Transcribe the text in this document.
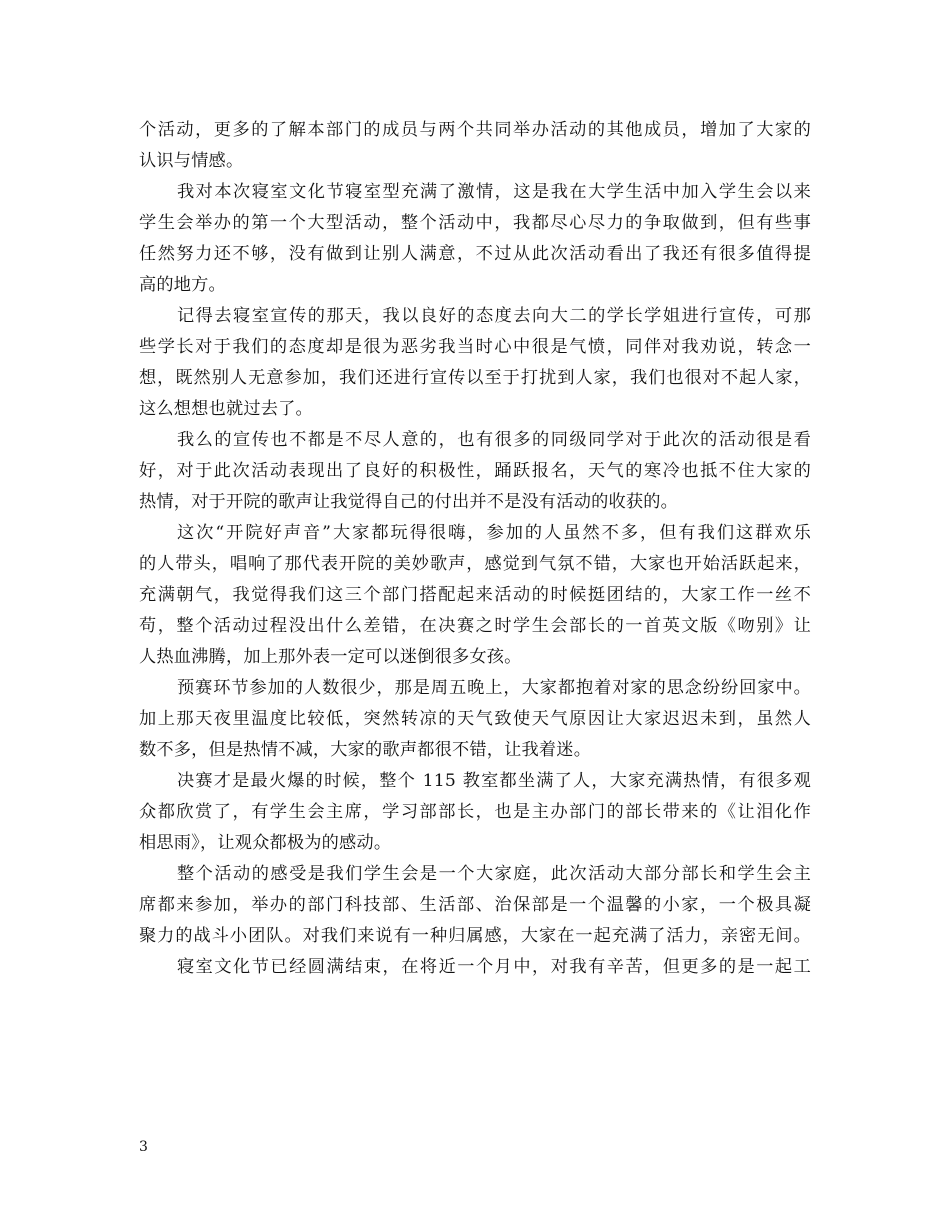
个活动，更多的了解本部门的成员与两个共同举办活动的其他成员，增加了大家的
认识与情感。
我对本次寝室文化节寝室型充满了激情，这是我在大学生活中加入学生会以来
学生会举办的第一个大型活动，整个活动中，我都尽心尽力的争取做到，但有些事
任然努力还不够，没有做到让别人满意，不过从此次活动看出了我还有很多值得提
高的地方。
记得去寝室宣传的那天，我以良好的态度去向大二的学长学姐进行宣传，可那
些学长对于我们的态度却是很为恶劣我当时心中很是气愤，同伴对我劝说，转念一
想，既然别人无意参加，我们还进行宣传以至于打扰到人家，我们也很对不起人家，
这么想想也就过去了。
我么的宣传也不都是不尽人意的，也有很多的同级同学对于此次的活动很是看
好，对于此次活动表现出了良好的积极性，踊跃报名，天气的寒冷也抵不住大家的
热情，对于开院的歌声让我觉得自己的付出并不是没有活动的收获的。
这次“开院好声音”大家都玩得很嗨，参加的人虽然不多，但有我们这群欢乐
的人带头，唱响了那代表开院的美妙歌声，感觉到气氛不错，大家也开始活跃起来，
充满朝气，我觉得我们这三个部门搭配起来活动的时候挺团结的，大家工作一丝不
苟，整个活动过程没出什么差错，在决赛之时学生会部长的一首英文版《吻别》让
人热血沸腾，加上那外表一定可以迷倒很多女孩。
预赛环节参加的人数很少，那是周五晚上，大家都抱着对家的思念纷纷回家中。
加上那天夜里温度比较低，突然转凉的天气致使天气原因让大家迟迟未到，虽然人
数不多，但是热情不减，大家的歌声都很不错，让我着迷。
决赛才是最火爆的时候，整个 115 教室都坐满了人，大家充满热情，有很多观
众都欣赏了，有学生会主席，学习部部长，也是主办部门的部长带来的《让泪化作
相思雨》，让观众都极为的感动。
整个活动的感受是我们学生会是一个大家庭，此次活动大部分部长和学生会主
席都来参加，举办的部门科技部、生活部、治保部是一个温馨的小家，一个极具凝
聚力的战斗小团队。对我们来说有一种归属感，大家在一起充满了活力，亲密无间。
寝室文化节已经圆满结束，在将近一个月中，对我有辛苦，但更多的是一起工
3
